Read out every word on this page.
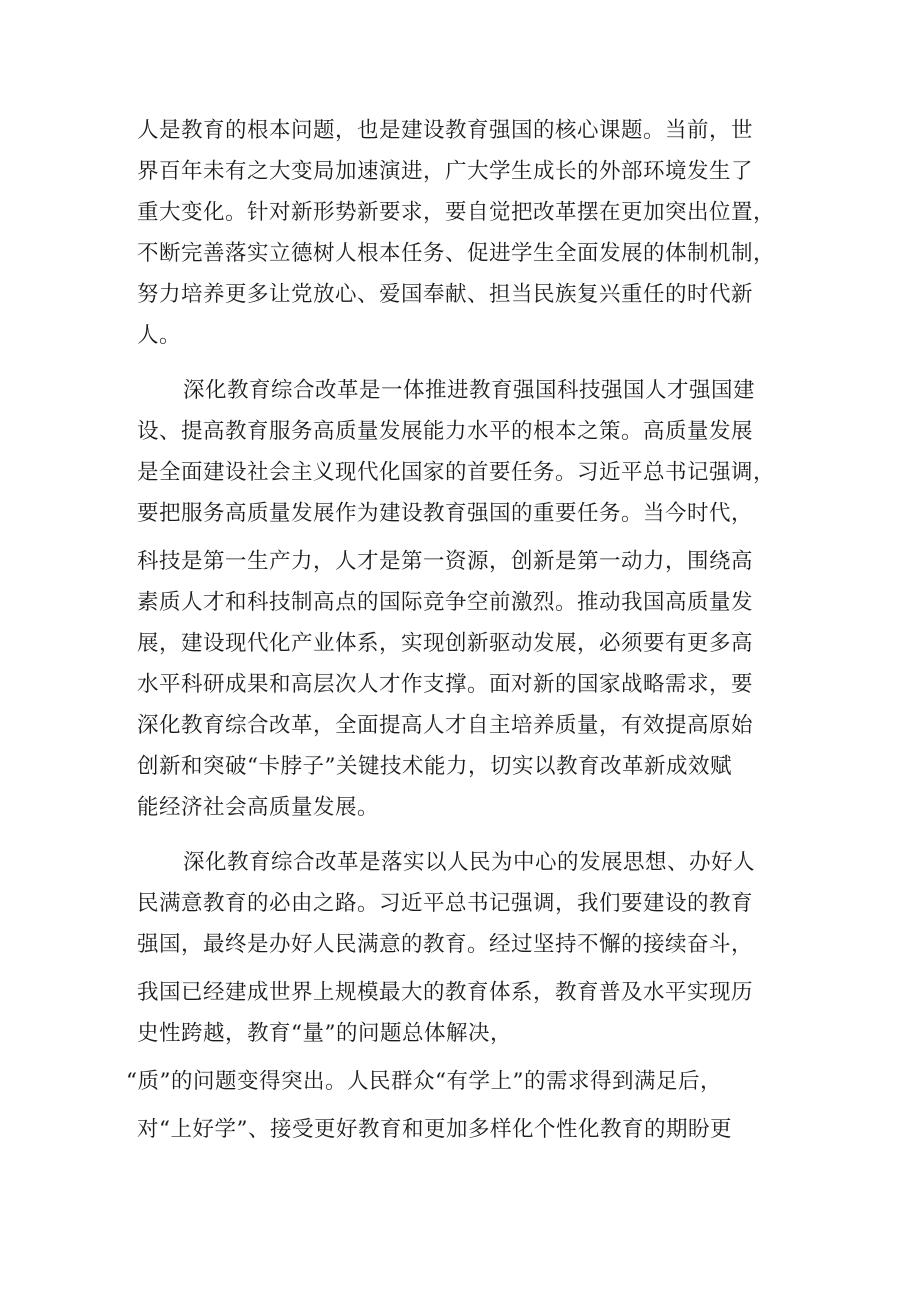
人是教育的根本问题，也是建设教育强国的核心课题。当前，世

界百年未有之大变局加速演进，广大学生成长的外部环境发生了

重大变化。针对新形势新要求，要自觉把改革摆在更加突出位置，

不断完善落实立德树人根本任务、促进学生全面发展的体制机制，

努力培养更多让党放心、爱国奉献、担当民族复兴重任的时代新

人。

深化教育综合改革是一体推进教育强国科技强国人才强国建

设、提高教育服务高质量发展能力水平的根本之策。高质量发展

是全面建设社会主义现代化国家的首要任务。习近平总书记强调，

要把服务高质量发展作为建设教育强国的重要任务。当今时代，

科技是第一生产力，人才是第一资源，创新是第一动力，围绕高

素质人才和科技制高点的国际竞争空前激烈。推动我国高质量发

展，建设现代化产业体系，实现创新驱动发展，必须要有更多高

水平科研成果和高层次人才作支撑。面对新的国家战略需求，要

深化教育综合改革，全面提高人才自主培养质量，有效提高原始

创新和突破“卡脖子”关键技术能力，切实以教育改革新成效赋

能经济社会高质量发展。

深化教育综合改革是落实以人民为中心的发展思想、办好人

民满意教育的必由之路。习近平总书记强调，我们要建设的教育

强国，最终是办好人民满意的教育。经过坚持不懈的接续奋斗，

我国已经建成世界上规模最大的教育体系，教育普及水平实现历

史性跨越，教育“量”的问题总体解决，

“质”的问题变得突出。人民群众“有学上”的需求得到满足后，

对“上好学”、接受更好教育和更加多样化个性化教育的期盼更
